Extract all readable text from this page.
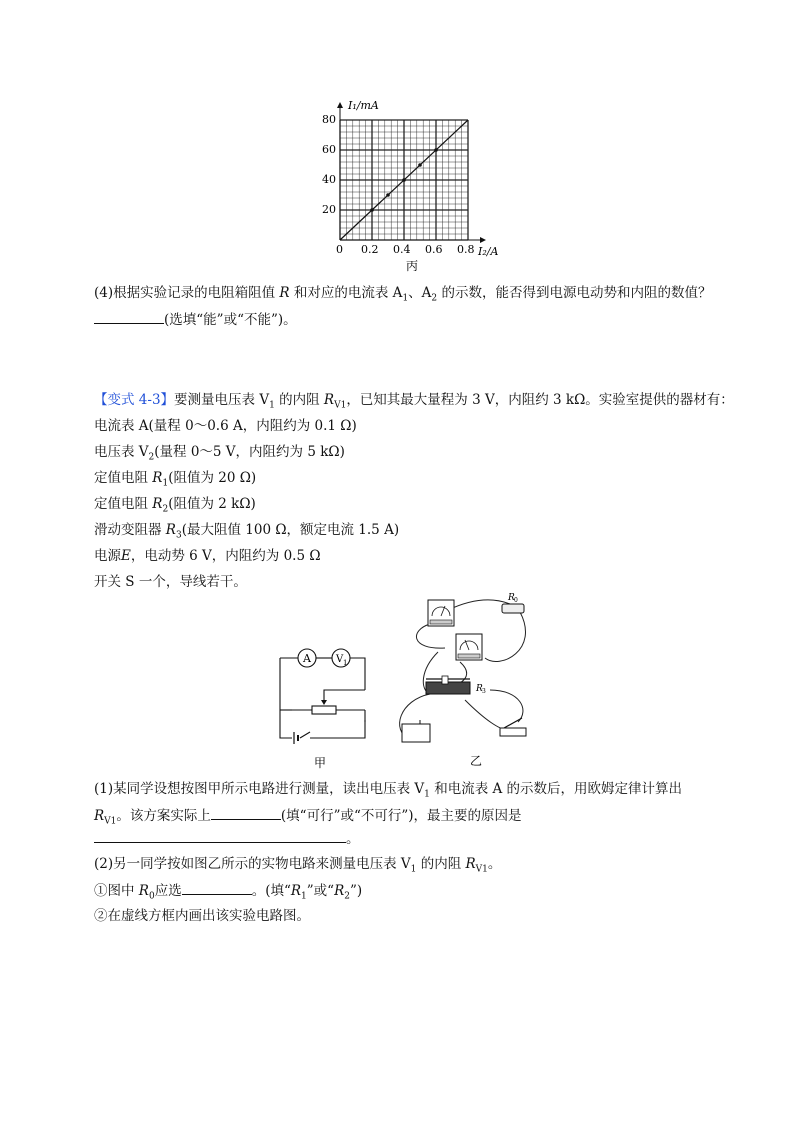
I₁/mA
I₂/A
80
60
40
20
0 0.2 0.4 0.6 0.8
丙
(4)根据实验记录的电阻箱阻值 R 和对应的电流表 $A_1$、$A_2$ 的示数，能否得到电源电动势和内阻的数值？
(选填“能”或“不能”)。
【变式 4-3】要测量电压表 $V_1$ 的内阻 $R_{V1}$，已知其最大量程为 3 V，内阻约 3 kΩ。实验室提供的器材有：
电流表 A(量程 0～0.6 A，内阻约为 0.1 Ω)
电压表 $V_2$(量程 0～5 V，内阻约为 5 kΩ)
定值电阻 $R_1$(阻值为 20 Ω)
定值电阻 $R_2$(阻值为 2 kΩ)
滑动变阻器 $R_3$(最大阻值 100 Ω，额定电流 1.5 A)
电源E，电动势 6 V，内阻约为 0.5 Ω
开关 S 一个，导线若干。
A	V 1
甲
R 0
R 3
乙
(1)某同学设想按图甲所示电路进行测量，读出电压表 $V_1$ 和电流表 A 的示数后，用欧姆定律计算出
$R_{V1}$。该方案实际上	(填“可行”或“不可行”)，最主要的原因是
。
(2)另一同学按如图乙所示的实物电路来测量电压表 $V_1$ 的内阻 $R_{V1}$。
①图中 $R_0$应选	。(填“$R_1$”或“$R_2$”)
②在虚线方框内画出该实验电路图。
